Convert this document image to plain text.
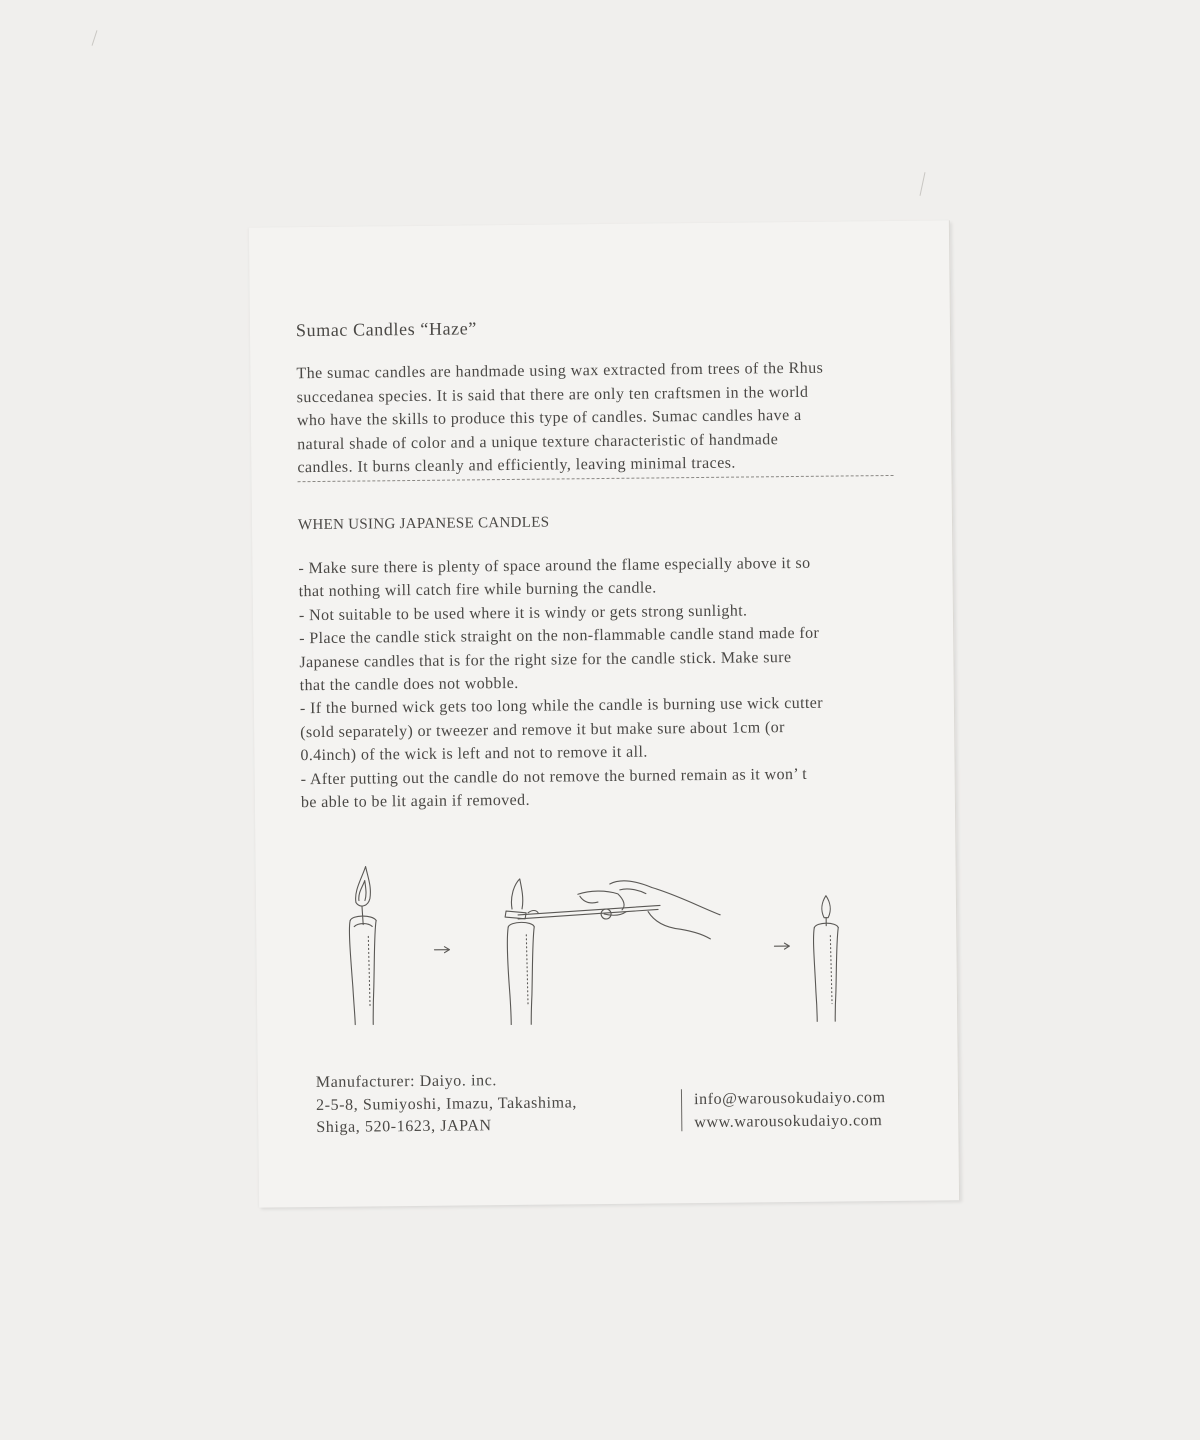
Sumac Candles “Haze”
The sumac candles are handmade using wax extracted from trees of the Rhus
succedanea species. It is said that there are only ten craftsmen in the world
who have the skills to produce this type of candles. Sumac candles have a
natural shade of color and a unique texture characteristic of handmade
candles. It burns cleanly and efficiently, leaving minimal traces.
WHEN USING JAPANESE CANDLES
- Make sure there is plenty of space around the flame especially above it so
that nothing will catch fire while burning the candle.
- Not suitable to be used where it is windy or gets strong sunlight.
- Place the candle stick straight on the non-flammable candle stand made for
Japanese candles that is for the right size for the candle stick. Make sure
that the candle does not wobble.
- If the burned wick gets too long while the candle is burning use wick cutter
(sold separately) or tweezer and remove it but make sure about 1cm (or
0.4inch) of the wick is left and not to remove it all.
- After putting out the candle do not remove the burned remain as it won’ t
be able to be lit again if removed.
Manufacturer: Daiyo. inc.
2-5-8, Sumiyoshi, Imazu, Takashima,
Shiga, 520-1623, JAPAN
info@warousokudaiyo.com
www.warousokudaiyo.com
